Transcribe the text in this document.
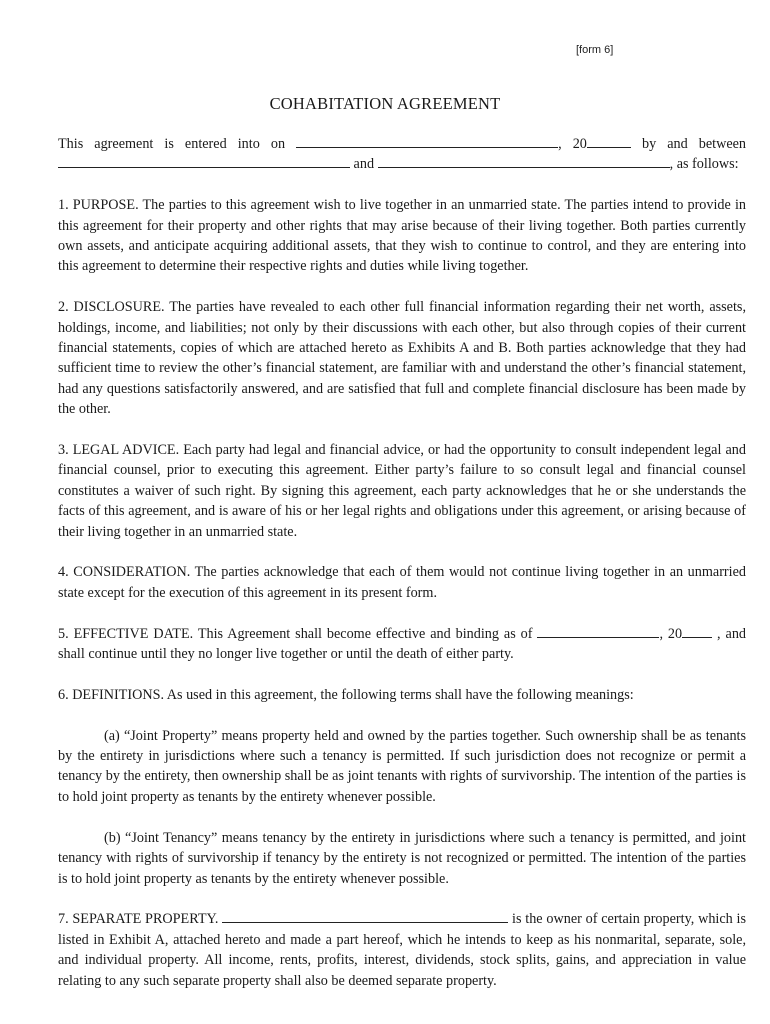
[form 6]
COHABITATION AGREEMENT
This agreement is entered into on	, 20	by and between

and	, as follows:

1. PURPOSE. The parties to this agreement wish to live together in an unmarried state. The parties intend to provide in this agreement for their property and other rights that may arise because of their living together. Both parties currently own assets, and anticipate acquiring additional assets, that they wish to continue to control, and they are entering into this agreement to determine their respective rights and duties while living together.

2. DISCLOSURE. The parties have revealed to each other full financial information regarding their net worth, assets, holdings, income, and liabilities; not only by their discussions with each other, but also through copies of their current financial statements, copies of which are attached hereto as Exhibits A and B. Both parties acknowledge that they had sufficient time to review the other’s financial statement, are familiar with and understand the other’s financial statement, had any questions satisfactorily answered, and are satisfied that full and complete financial disclosure has been made by the other.

3. LEGAL ADVICE. Each party had legal and financial advice, or had the opportunity to consult independent legal and financial counsel, prior to executing this agreement. Either party’s failure to so consult legal and financial counsel constitutes a waiver of such right. By signing this agreement, each party acknowledges that he or she understands the facts of this agreement, and is aware of his or her legal rights and obligations under this agreement, or arising because of their living together in an unmarried state.

4. CONSIDERATION. The parties acknowledge that each of them would not continue living together in an unmarried state except for the execution of this agreement in its present form.

5. EFFECTIVE DATE. This Agreement shall become effective and binding as of	, 20 , and shall continue until they no longer live together or until the death of either party.

6. DEFINITIONS. As used in this agreement, the following terms shall have the following meanings:

(a) “Joint Property” means property held and owned by the parties together. Such ownership shall be as tenants by the entirety in jurisdictions where such a tenancy is permitted. If such jurisdiction does not recognize or permit a tenancy by the entirety, then ownership shall be as joint tenants with rights of survivorship. The intention of the parties is to hold joint property as tenants by the entirety whenever possible.

(b) “Joint Tenancy” means tenancy by the entirety in jurisdictions where such a tenancy is permitted, and joint tenancy with rights of survivorship if tenancy by the entirety is not recognized or permitted. The intention of the parties is to hold joint property as tenants by the entirety whenever possible.

7. SEPARATE PROPERTY.	is the owner of certain property, which is listed in Exhibit A, attached hereto and made a part hereof, which he intends to keep as his nonmarital, separate, sole, and individual property. All income, rents, profits, interest, dividends, stock splits, gains, and appreciation in value relating to any such separate property shall also be deemed separate property.
